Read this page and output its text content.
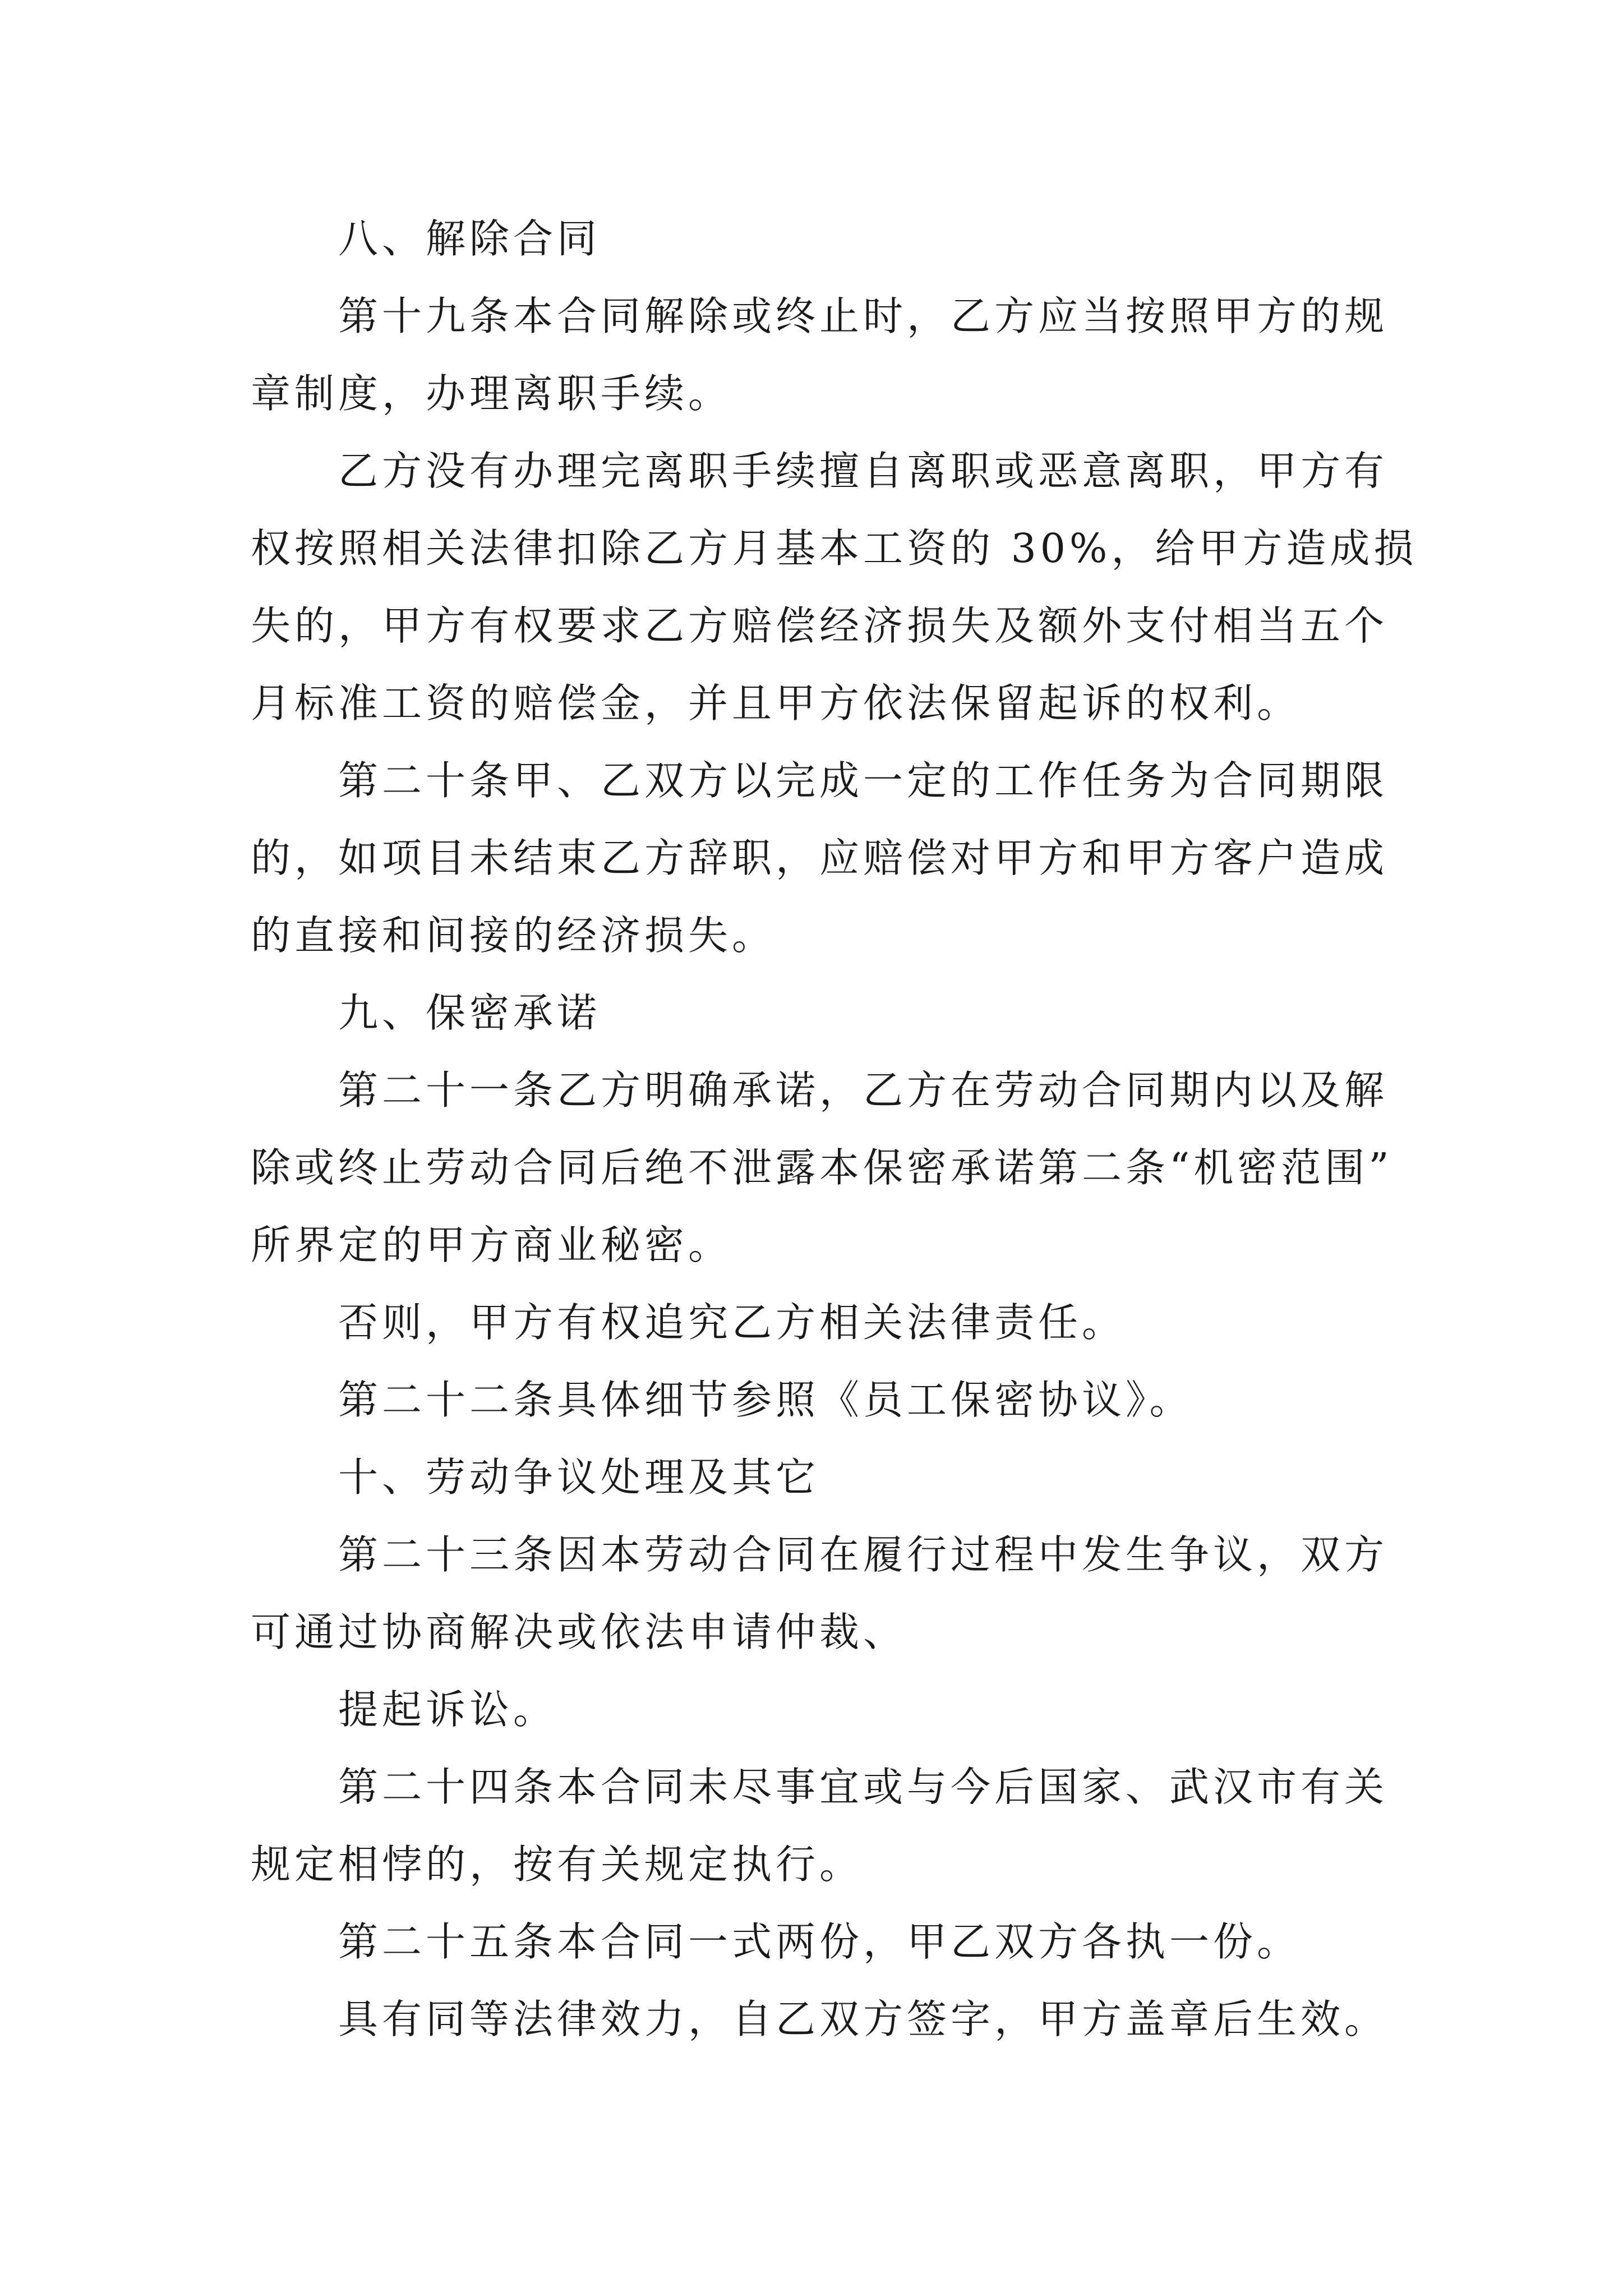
八、解除合同
第十九条本合同解除或终止时，乙方应当按照甲方的规
章制度，办理离职手续。
乙方没有办理完离职手续擅自离职或恶意离职，甲方有
权按照相关法律扣除乙方月基本工资的 30%，给甲方造成损
失的，甲方有权要求乙方赔偿经济损失及额外支付相当五个
月标准工资的赔偿金，并且甲方依法保留起诉的权利。
第二十条甲、乙双方以完成一定的工作任务为合同期限
的，如项目未结束乙方辞职，应赔偿对甲方和甲方客户造成
的直接和间接的经济损失。
九、保密承诺
第二十一条乙方明确承诺，乙方在劳动合同期内以及解
除或终止劳动合同后绝不泄露本保密承诺第二条“机密范围”
所界定的甲方商业秘密。
否则，甲方有权追究乙方相关法律责任。
第二十二条具体细节参照《员工保密协议》。
十、劳动争议处理及其它
第二十三条因本劳动合同在履行过程中发生争议，双方
可通过协商解决或依法申请仲裁、
提起诉讼。
第二十四条本合同未尽事宜或与今后国家、武汉市有关
规定相悖的，按有关规定执行。
第二十五条本合同一式两份，甲乙双方各执一份。
具有同等法律效力，自乙双方签字，甲方盖章后生效。
